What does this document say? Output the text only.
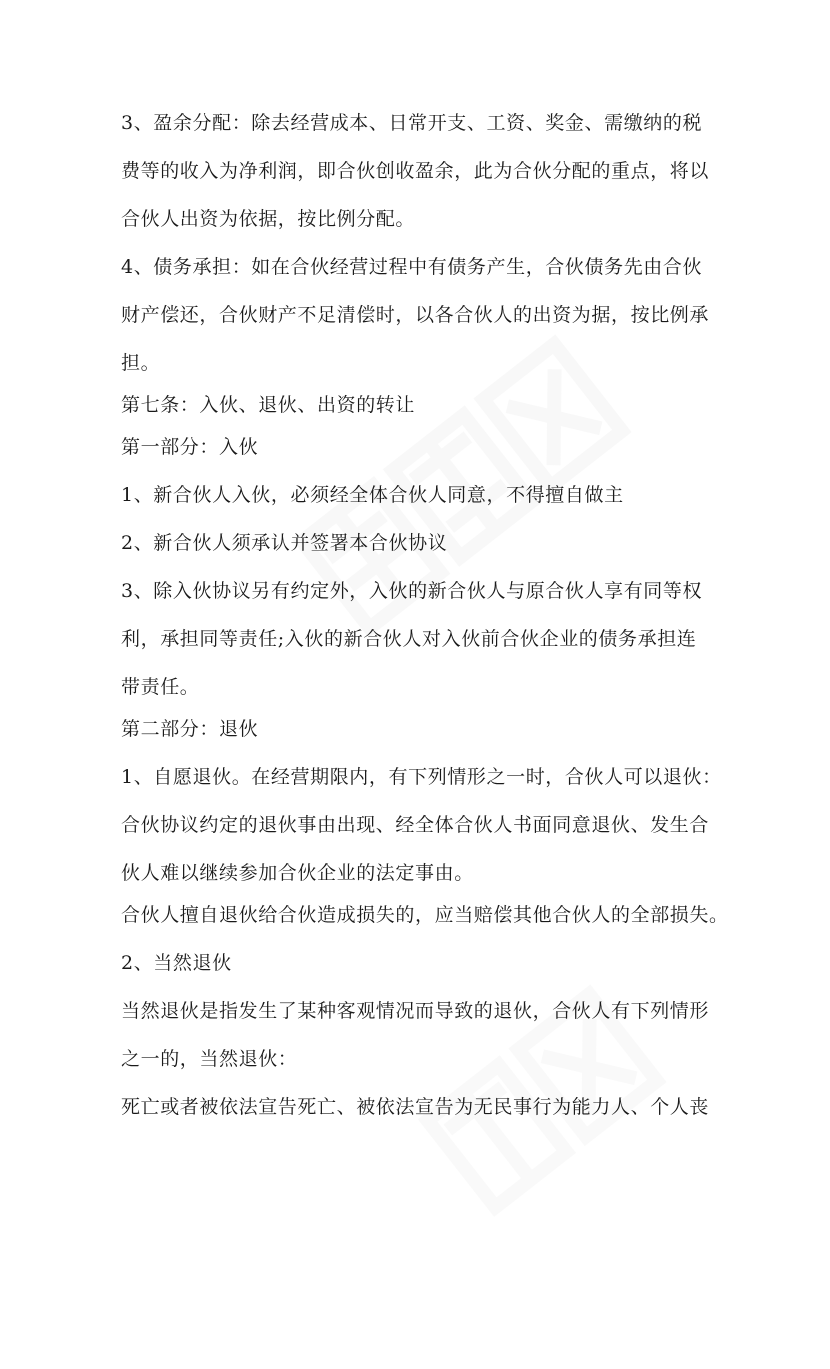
3、盈余分配：除去经营成本、日常开支、工资、奖金、需缴纳的税
费等的收入为净利润，即合伙创收盈余，此为合伙分配的重点，将以
合伙人出资为依据，按比例分配。
4、债务承担：如在合伙经营过程中有债务产生，合伙债务先由合伙
财产偿还，合伙财产不足清偿时，以各合伙人的出资为据，按比例承
担。
第七条：入伙、退伙、出资的转让
第一部分：入伙
1、新合伙人入伙，必须经全体合伙人同意，不得擅自做主
2、新合伙人须承认并签署本合伙协议
3、除入伙协议另有约定外，入伙的新合伙人与原合伙人享有同等权
利，承担同等责任;入伙的新合伙人对入伙前合伙企业的债务承担连
带责任。
第二部分：退伙
1、自愿退伙。在经营期限内，有下列情形之一时，合伙人可以退伙：
合伙协议约定的退伙事由出现、经全体合伙人书面同意退伙、发生合
伙人难以继续参加合伙企业的法定事由。
合伙人擅自退伙给合伙造成损失的，应当赔偿其他合伙人的全部损失。
2、当然退伙
当然退伙是指发生了某种客观情况而导致的退伙，合伙人有下列情形
之一的，当然退伙：
死亡或者被依法宣告死亡、被依法宣告为无民事行为能力人、个人丧
